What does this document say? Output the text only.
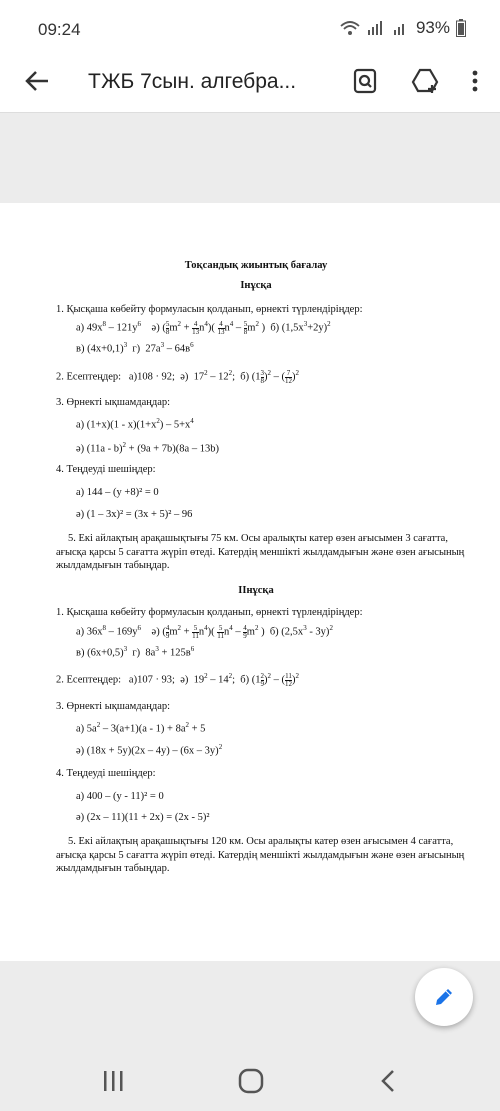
09:24	93%
ТЖБ 7сын. алгебра...
Тоқсандық жиынтық бағалау
Інұсқа
1. Қысқаша көбейту формуласын қолданып, өрнекті түрлендіріңдер:
а) $49х^8 - 121у^6$    ә) ( $\frac{5}{8} m^2 + \frac{4}{13} n^4)( \frac{4}{13} n^4 - \frac{5}{8} m^2$ )  б) $(1,5х^3+2у)^2$
в) $(4х+0,1)^3$  г)  $27а^3 - 64в^6$
2. Есептеңдер:   а)108 · 92;  ә)  $17^2 - 12^2$;  б) $(1 \frac{3}{8} )^2$ – ( $\frac{7}{12} )^2$
3. Өрнекті ықшамдаңдар:
а) $(1+х)(1 - х)(1+х^2) - 5+х^4$
ә) (11а - b)$^2$ + (9а + 7b)(8а – 13b)
4. Теңдеуді шешіңдер:
а) 144 – (у +8)² = 0
ә) (1 – 3х)² = (3х + 5)² – 96
5. Екі айлақтың арақашықтығы 75 км. Осы аралықты катер өзен ағысымен 3 сағатта, ағысқа қарсы 5 сағатта жүріп өтеді. Катердің меншікті жылдамдығын және өзен ағысының жылдамдығын табыңдар.
ІІнұсқа
1. Қысқаша көбейту формуласын қолданып, өрнекті түрлендіріңдер:
а) $36х^8 - 169у^6$    ә) ( $\frac{4}{9} m^2 + \frac{5}{11} n^4)( \frac{5}{11} n^4 - \frac{4}{9} m^2$ )  б) $(2,5х^3 - 3у)^2$
в) $(6х+0,5)^3$  г)  $8а^3 + 125в^6$
2. Есептеңдер:   а)107 · 93;  ә)  $19^2 - 14^2$;  б) $(1 \frac{2}{9} )^2$ – ( $\frac{11}{12} )^2$
3. Өрнекті ықшамдаңдар:
а) $5а^2 - 3(а+1)(а - 1) + 8а^2 + 5$
ә) (18х + 5у)(2х – 4у) – (6х – 3у)$^2$
4. Теңдеуді шешіңдер:
а) 400 – (у - 11)² = 0
ә) (2х – 11)(11 + 2х) = (2х - 5)²
5. Екі айлақтың арақашықтығы 120 км. Осы аралықты катер өзен ағысымен 4 сағатта, ағысқа қарсы 5 сағатта жүріп өтеді. Катердің меншікті жылдамдығын және өзен ағысының жылдамдығын табыңдар.
